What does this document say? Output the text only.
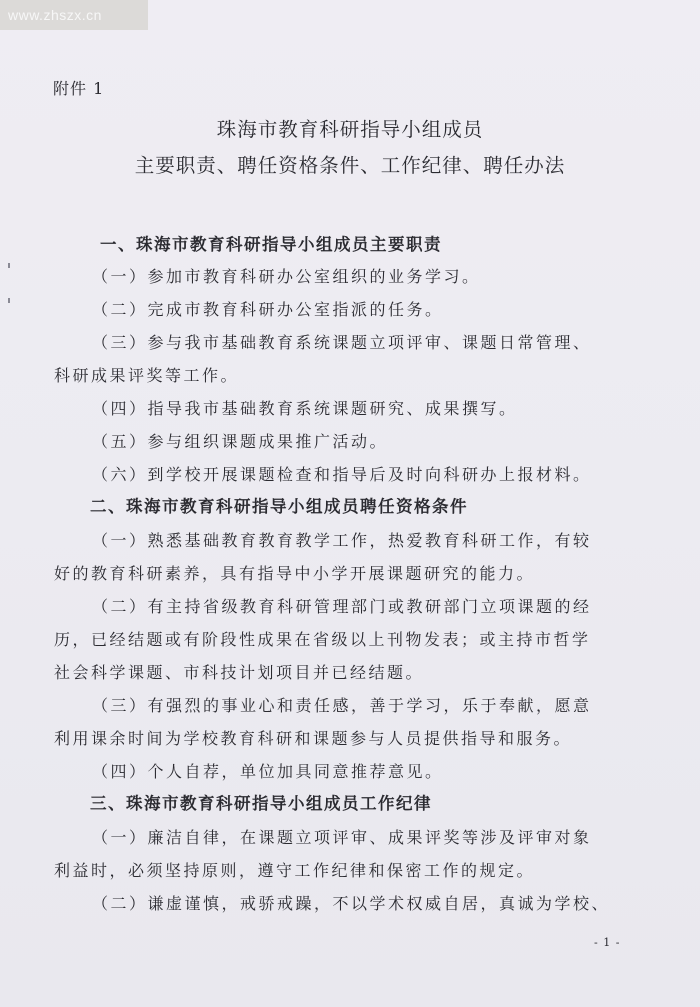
www.zhszx.cn
附件 1
珠海市教育科研指导小组成员
主要职责、聘任资格条件、工作纪律、聘任办法
一、珠海市教育科研指导小组成员主要职责
（一）参加市教育科研办公室组织的业务学习。
（二）完成市教育科研办公室指派的任务。
（三）参与我市基础教育系统课题立项评审、课题日常管理、
科研成果评奖等工作。
（四）指导我市基础教育系统课题研究、成果撰写。
（五）参与组织课题成果推广活动。
（六）到学校开展课题检查和指导后及时向科研办上报材料。
二、珠海市教育科研指导小组成员聘任资格条件
（一）熟悉基础教育教育教学工作，热爱教育科研工作，有较
好的教育科研素养，具有指导中小学开展课题研究的能力。
（二）有主持省级教育科研管理部门或教研部门立项课题的经
历，已经结题或有阶段性成果在省级以上刊物发表；或主持市哲学
社会科学课题、市科技计划项目并已经结题。
（三）有强烈的事业心和责任感，善于学习，乐于奉献，愿意
利用课余时间为学校教育科研和课题参与人员提供指导和服务。
（四）个人自荐，单位加具同意推荐意见。
三、珠海市教育科研指导小组成员工作纪律
（一）廉洁自律，在课题立项评审、成果评奖等涉及评审对象
利益时，必须坚持原则，遵守工作纪律和保密工作的规定。
（二）谦虚谨慎，戒骄戒躁，不以学术权威自居，真诚为学校、
- 1 -
